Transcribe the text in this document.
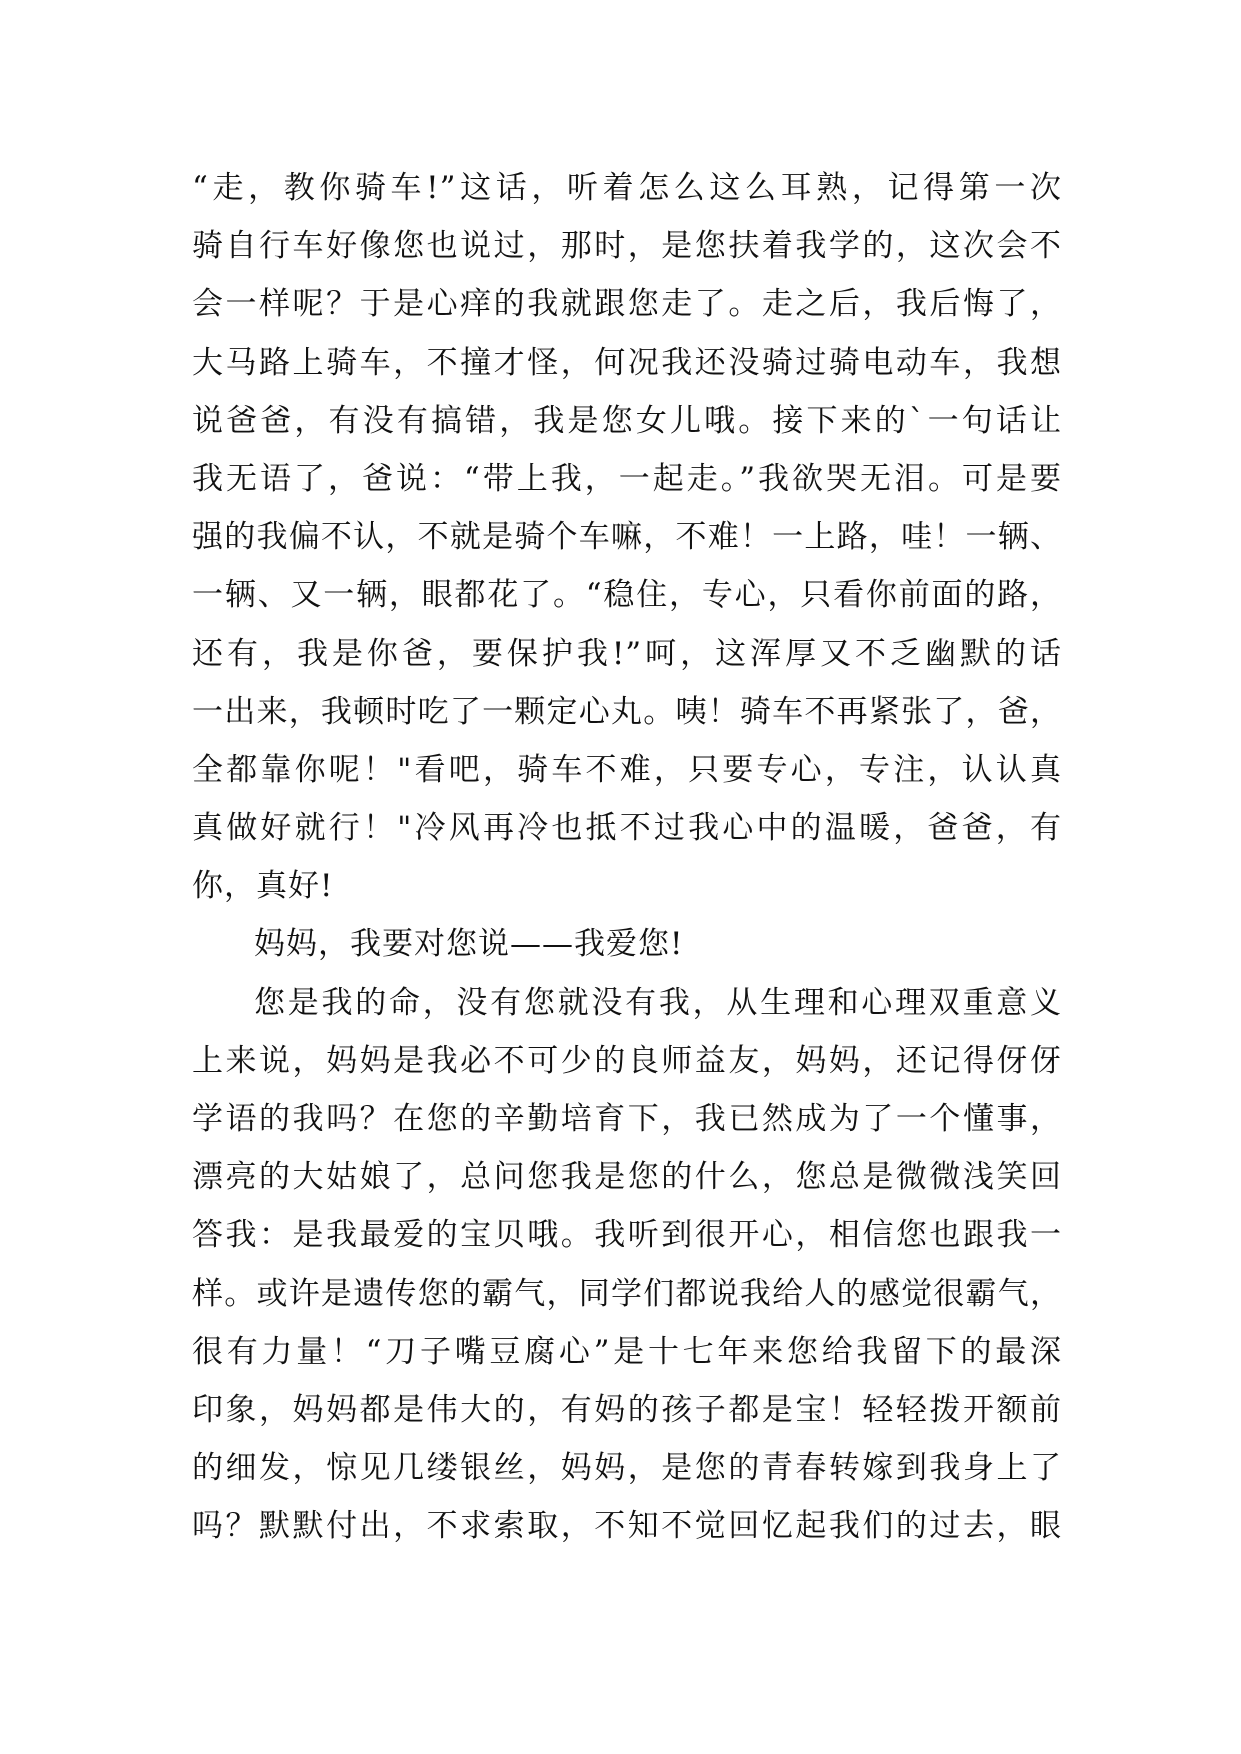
“走，教你骑车!”这话，听着怎么这么耳熟，记得第一次
骑自行车好像您也说过，那时，是您扶着我学的，这次会不
会一样呢？于是心痒的我就跟您走了。走之后，我后悔了，
大马路上骑车，不撞才怪，何况我还没骑过骑电动车，我想
说爸爸，有没有搞错，我是您女儿哦。接下来的`一句话让
我无语了，爸说：“带上我，一起走。”我欲哭无泪。可是要
强的我偏不认，不就是骑个车嘛，不难！一上路，哇！一辆、
一辆、又一辆，眼都花了。“稳住，专心，只看你前面的路，
还有，我是你爸，要保护我!”呵，这浑厚又不乏幽默的话
一出来，我顿时吃了一颗定心丸。咦！骑车不再紧张了，爸，
全都靠你呢！"看吧，骑车不难，只要专心，专注，认认真
真做好就行！"冷风再冷也抵不过我心中的温暖，爸爸，有
你，真好!
妈妈，我要对您说——我爱您!
您是我的命，没有您就没有我，从生理和心理双重意义
上来说，妈妈是我必不可少的良师益友，妈妈，还记得伢伢
学语的我吗？在您的辛勤培育下，我已然成为了一个懂事，
漂亮的大姑娘了，总问您我是您的什么，您总是微微浅笑回
答我：是我最爱的宝贝哦。我听到很开心，相信您也跟我一
样。或许是遗传您的霸气，同学们都说我给人的感觉很霸气，
很有力量！“刀子嘴豆腐心”是十七年来您给我留下的最深
印象，妈妈都是伟大的，有妈的孩子都是宝！轻轻拨开额前
的细发，惊见几缕银丝，妈妈，是您的青春转嫁到我身上了
吗？默默付出，不求索取，不知不觉回忆起我们的过去，眼
